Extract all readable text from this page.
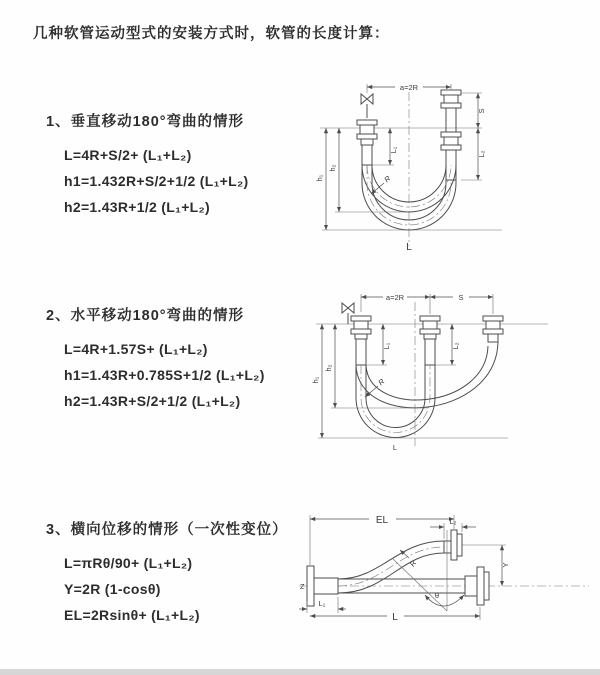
几种软管运动型式的安装方式时，软管的长度计算：
1、垂直移动180°弯曲的情形
L=4R+S/2+ (L₁+L₂)
h1=1.432R+S/2+1/2 (L₁+L₂)
h2=1.43R+1/2 (L₁+L₂)
2、水平移动180°弯曲的情形
L=4R+1.57S+ (L₁+L₂)
h1=1.43R+0.785S+1/2 (L₁+L₂)
h2=1.43R+S/2+1/2 (L₁+L₂)
3、横向位移的情形（一次性变位）
L=πRθ/90+ (L₁+L₂)
Y=2R (1-cosθ)
EL=2Rsinθ+ (L₁+L₂)
a=2R
L₁
S
L₂
h₁
h₂
R
L
a=2R	S
L₁	L₂
h₁
h₂
R
L
Z
L₁
EL	L₂
Y
R
θ
L
